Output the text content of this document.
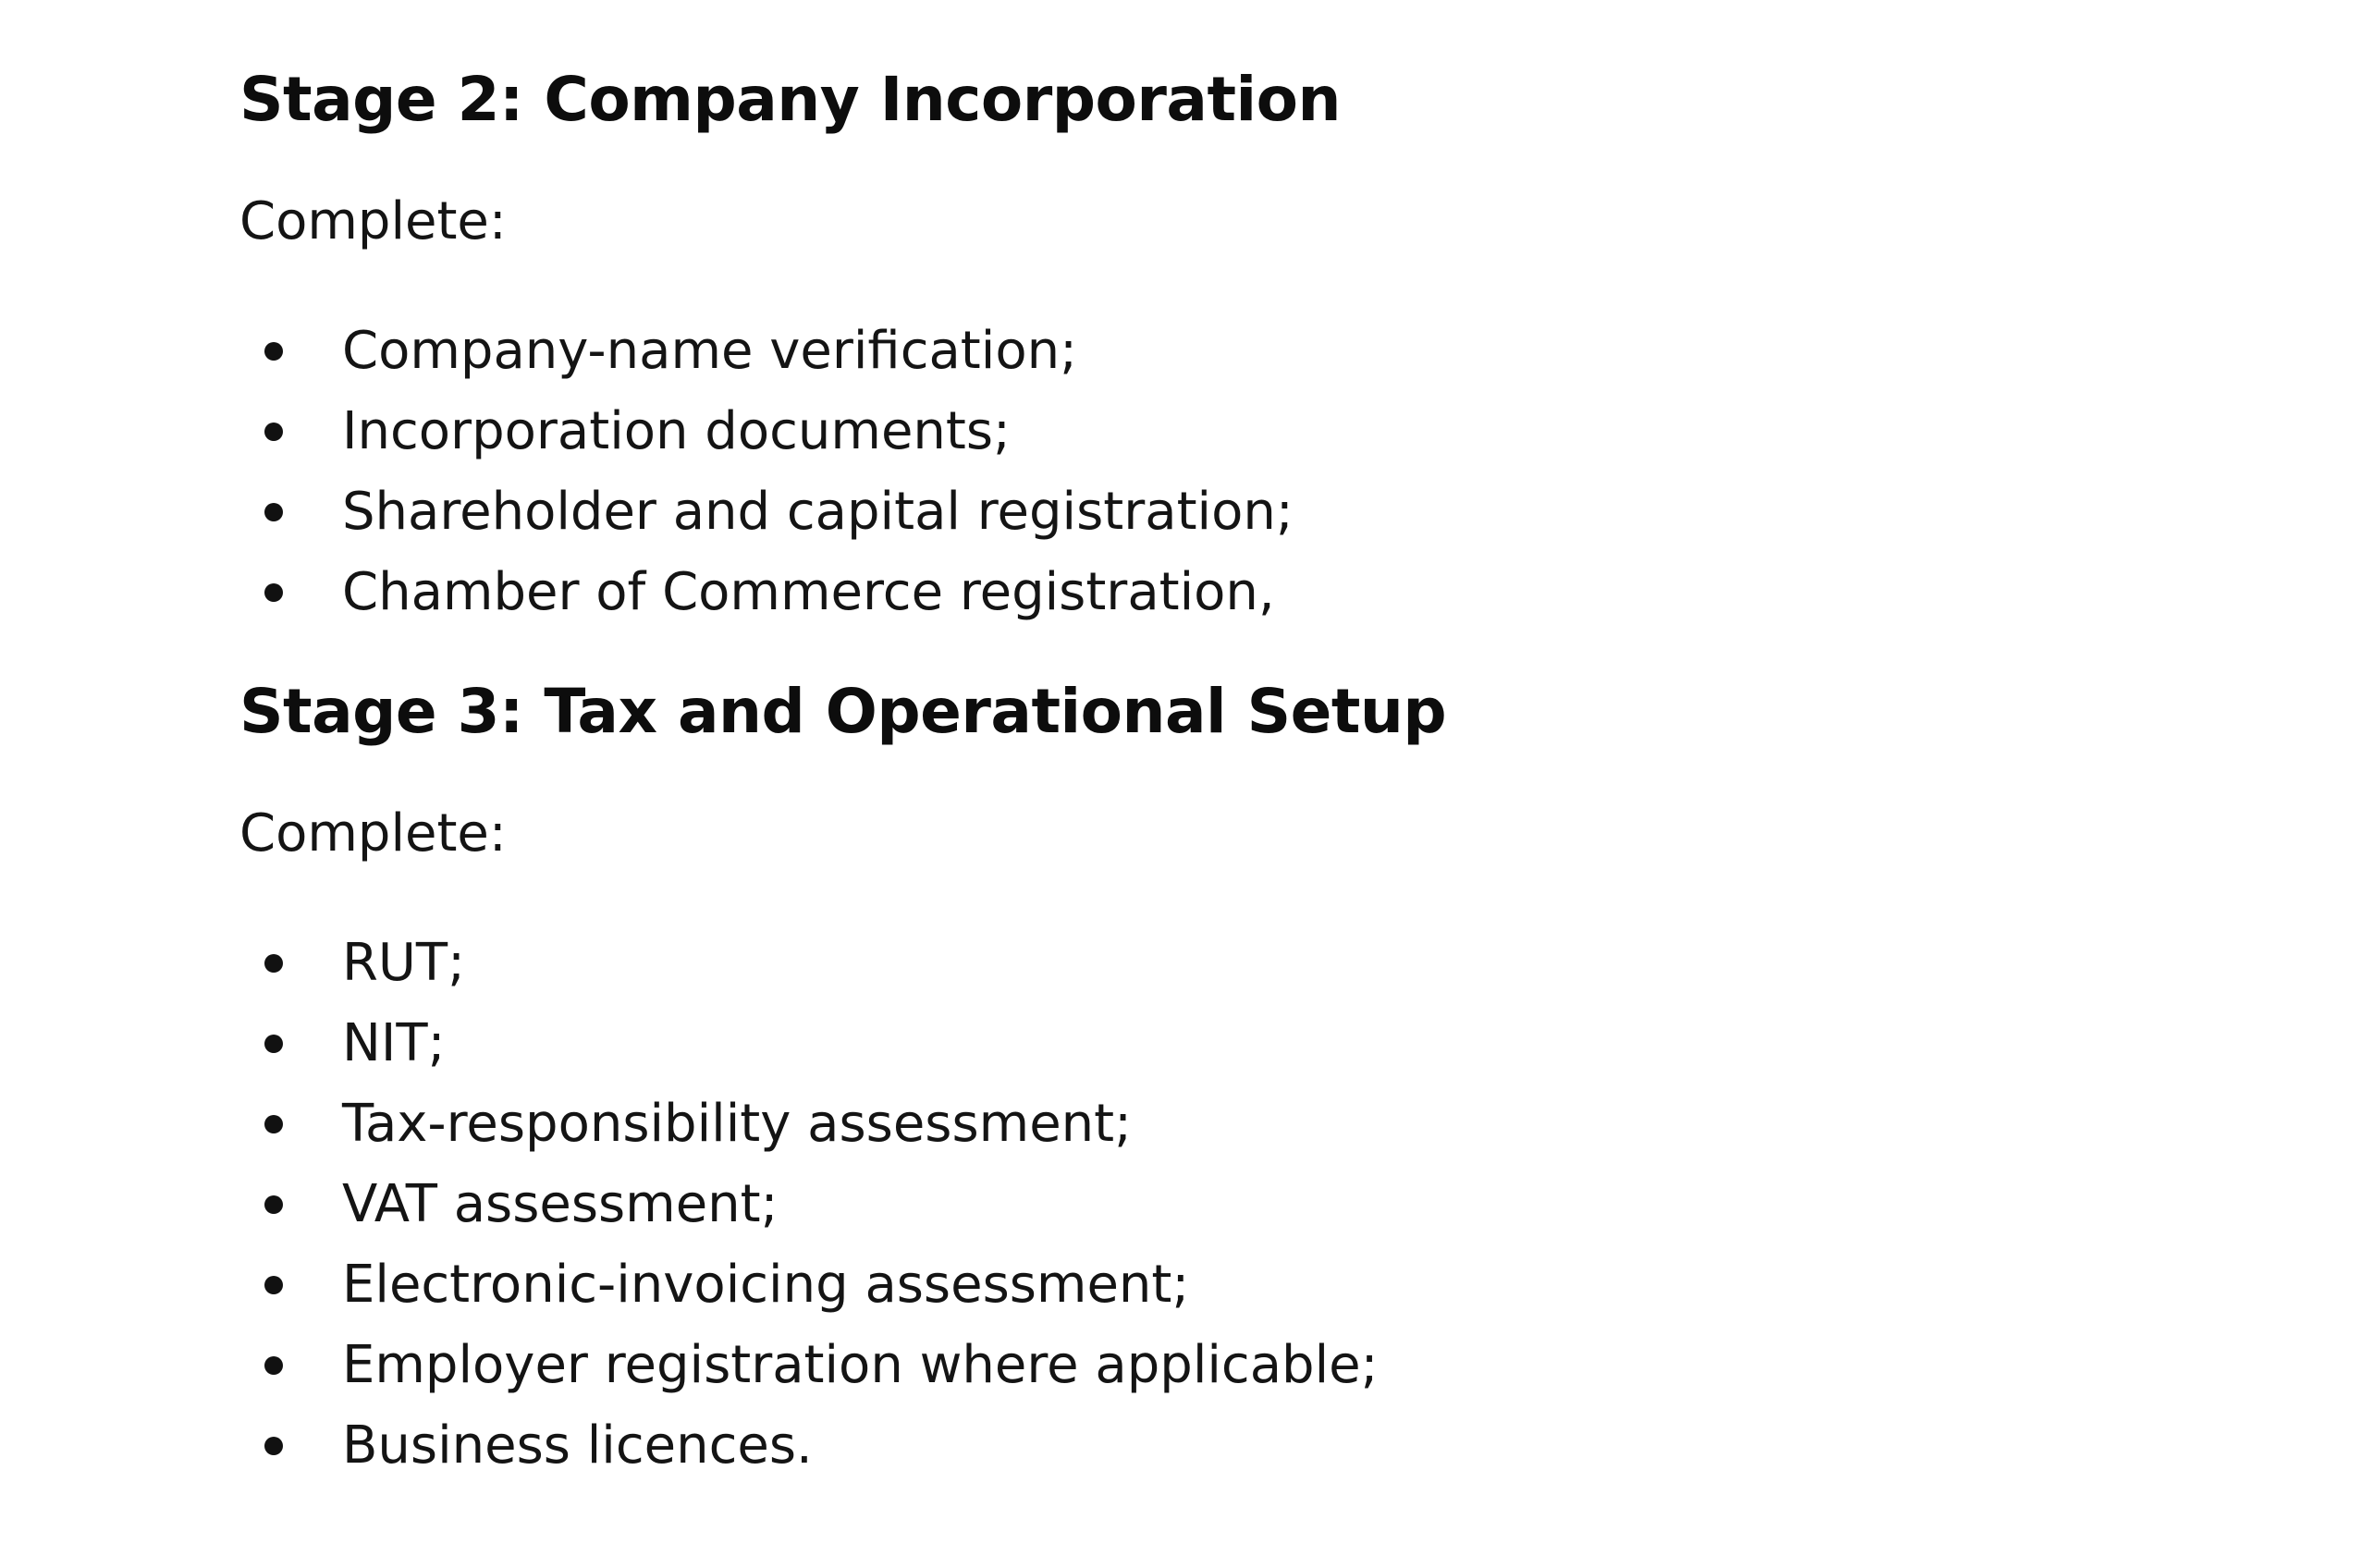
Stage 2: Company Incorporation

Complete:

Company-name verification;
Incorporation documents;
Shareholder and capital registration;
Chamber of Commerce registration,
Stage 3: Tax and Operational Setup

Complete:

RUT;
NIT;
Tax-responsibility assessment;
VAT assessment;
Electronic-invoicing assessment;
Employer registration where applicable;
Business licences.
